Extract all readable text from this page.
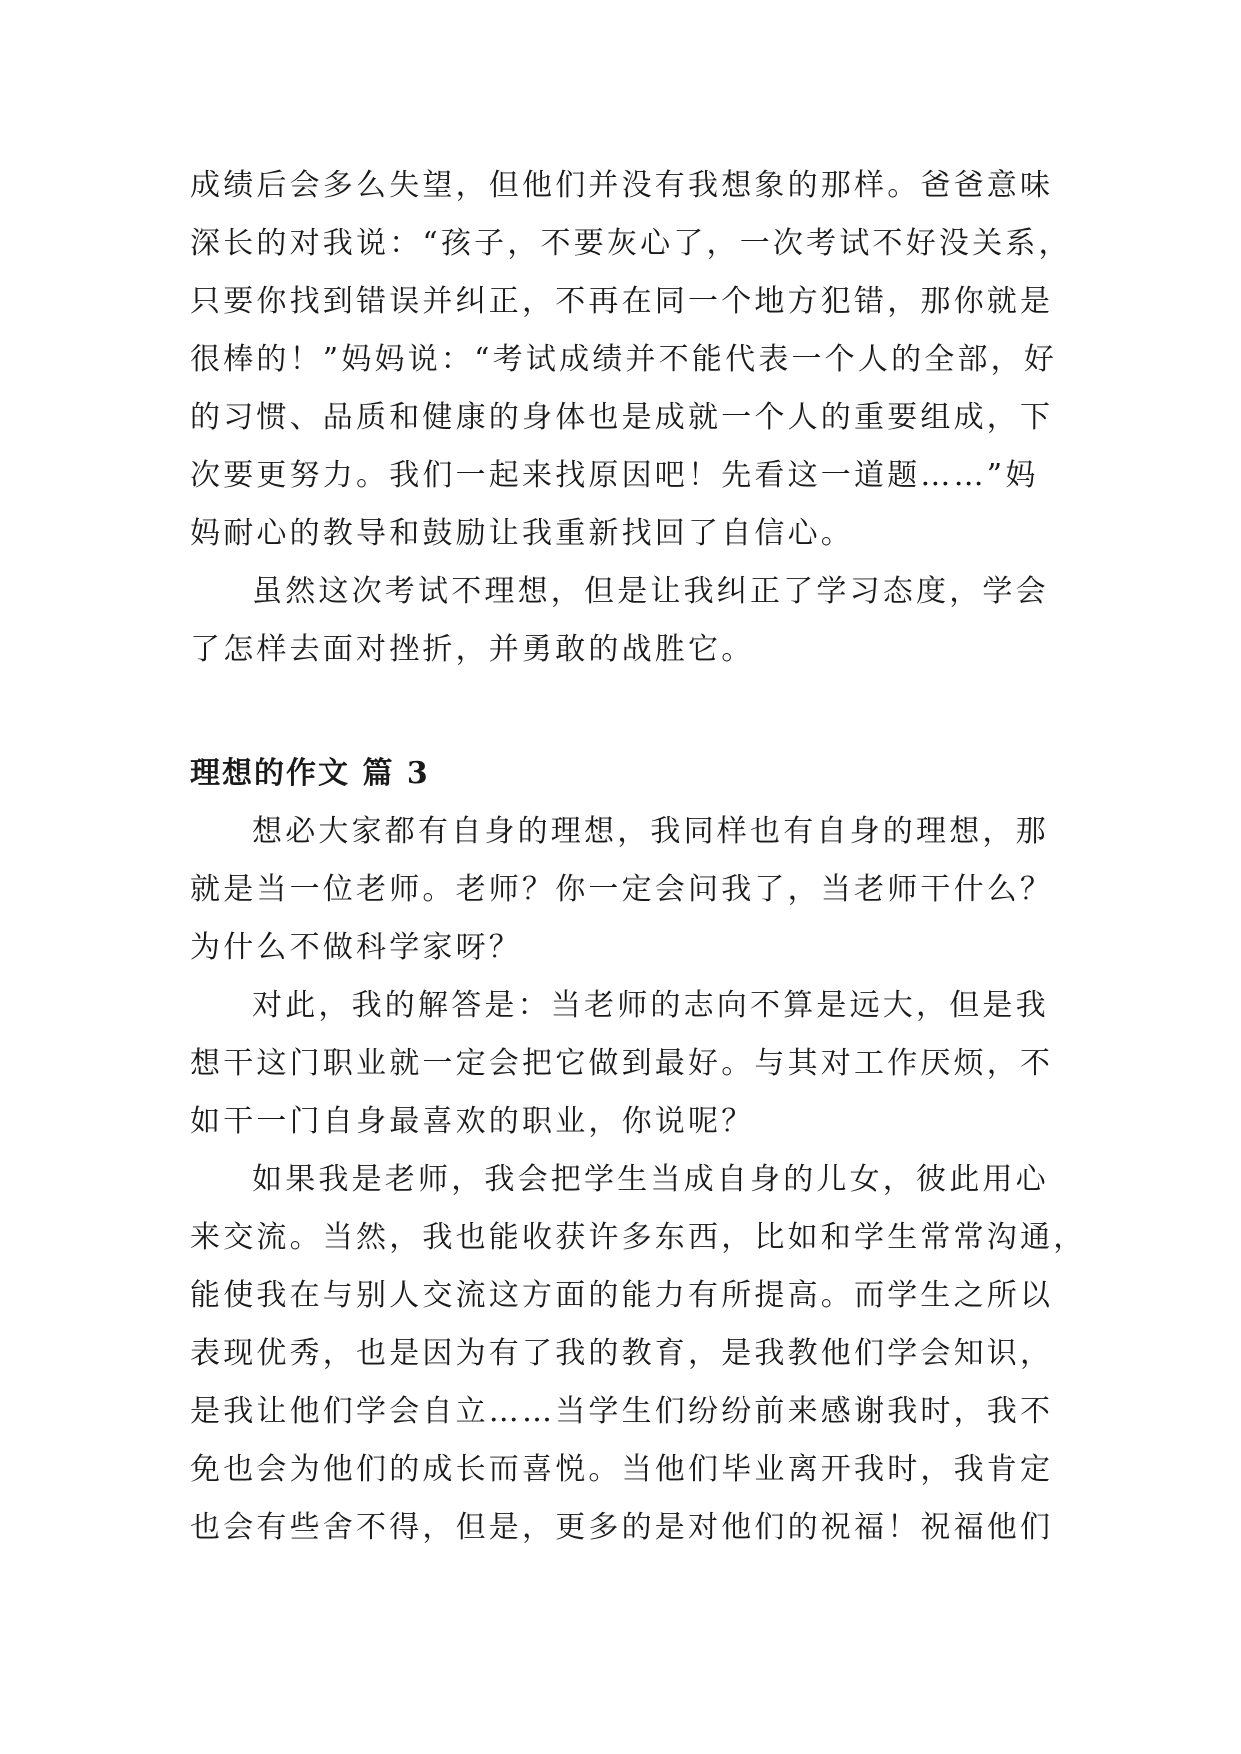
成绩后会多么失望，但他们并没有我想象的那样。爸爸意味
深长的对我说：“孩子，不要灰心了，一次考试不好没关系，
只要你找到错误并纠正，不再在同一个地方犯错，那你就是
很棒的！”妈妈说：“考试成绩并不能代表一个人的全部，好
的习惯、品质和健康的身体也是成就一个人的重要组成，下
次要更努力。我们一起来找原因吧！先看这一道题……”妈
妈耐心的教导和鼓励让我重新找回了自信心。

虽然这次考试不理想，但是让我纠正了学习态度，学会
了怎样去面对挫折，并勇敢的战胜它。

理想的作文 篇 3

想必大家都有自身的理想，我同样也有自身的理想，那
就是当一位老师。老师？你一定会问我了，当老师干什么？
为什么不做科学家呀？

对此，我的解答是：当老师的志向不算是远大，但是我
想干这门职业就一定会把它做到最好。与其对工作厌烦，不
如干一门自身最喜欢的职业，你说呢？

如果我是老师，我会把学生当成自身的儿女，彼此用心
来交流。当然，我也能收获许多东西，比如和学生常常沟通，
能使我在与别人交流这方面的能力有所提高。而学生之所以
表现优秀，也是因为有了我的教育，是我教他们学会知识，
是我让他们学会自立……当学生们纷纷前来感谢我时，我不
免也会为他们的成长而喜悦。当他们毕业离开我时，我肯定
也会有些舍不得，但是，更多的是对他们的祝福！祝福他们
